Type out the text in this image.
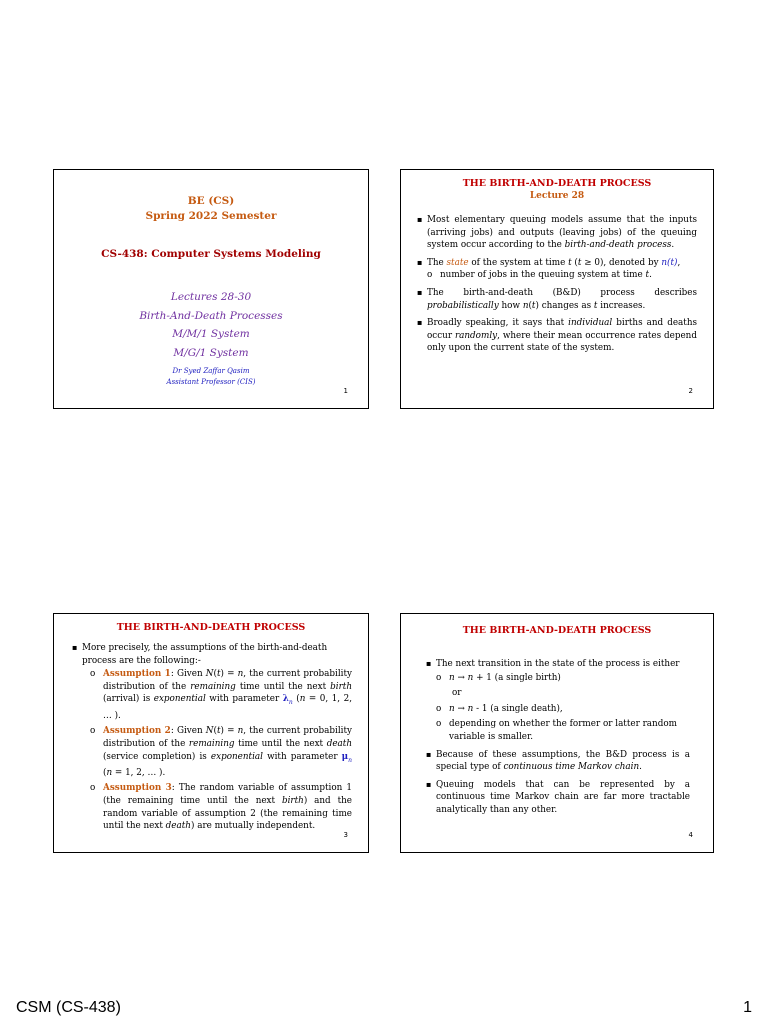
BE (CS)
Spring 2022 Semester
CS-438: Computer Systems Modeling
Lectures 28-30
Birth-And-Death Processes
M/M/1 System
M/G/1 System
Dr Syed Zaffar Qasim
Assistant Professor (CIS)
1
THE BIRTH-AND-DEATH PROCESS
Lecture 28
▪ Most elementary queuing models assume that the inputs (arriving jobs) and outputs (leaving jobs) of the queuing system occur according to the birth-and-death process.
▪ The state of the system at time t (t ≥ 0), denoted by n(t),
o number of jobs in the queuing system at time t.
▪ The birth-and-death (B&D) process describes probabilistically how n(t) changes as t increases.
▪ Broadly speaking, it says that individual births and deaths occur randomly, where their mean occurrence rates depend only upon the current state of the system.
2
THE BIRTH-AND-DEATH PROCESS
▪ More precisely, the assumptions of the birth-and-death process are the following:-
o Assumption 1: Given N(t) = n, the current probability distribution of the remaining time until the next birth (arrival) is exponential with parameter $\lambda_n$ (n = 0, 1, 2, … ).
o Assumption 2: Given N(t) = n, the current probability distribution of the remaining time until the next death (service completion) is exponential with parameter $\mu_n$ (n = 1, 2, … ).
o Assumption 3: The random variable of assumption 1 (the remaining time until the next birth) and the random variable of assumption 2 (the remaining time until the next death) are mutually independent.
3
THE BIRTH-AND-DEATH PROCESS
▪ The next transition in the state of the process is either
o n → n + 1 (a single birth)
or
o n → n - 1 (a single death),
o depending on whether the former or latter random variable is smaller.
▪ Because of these assumptions, the B&D process is a special type of continuous time Markov chain.
▪ Queuing models that can be represented by a continuous time Markov chain are far more tractable analytically than any other.
4
CSM (CS-438)	1
